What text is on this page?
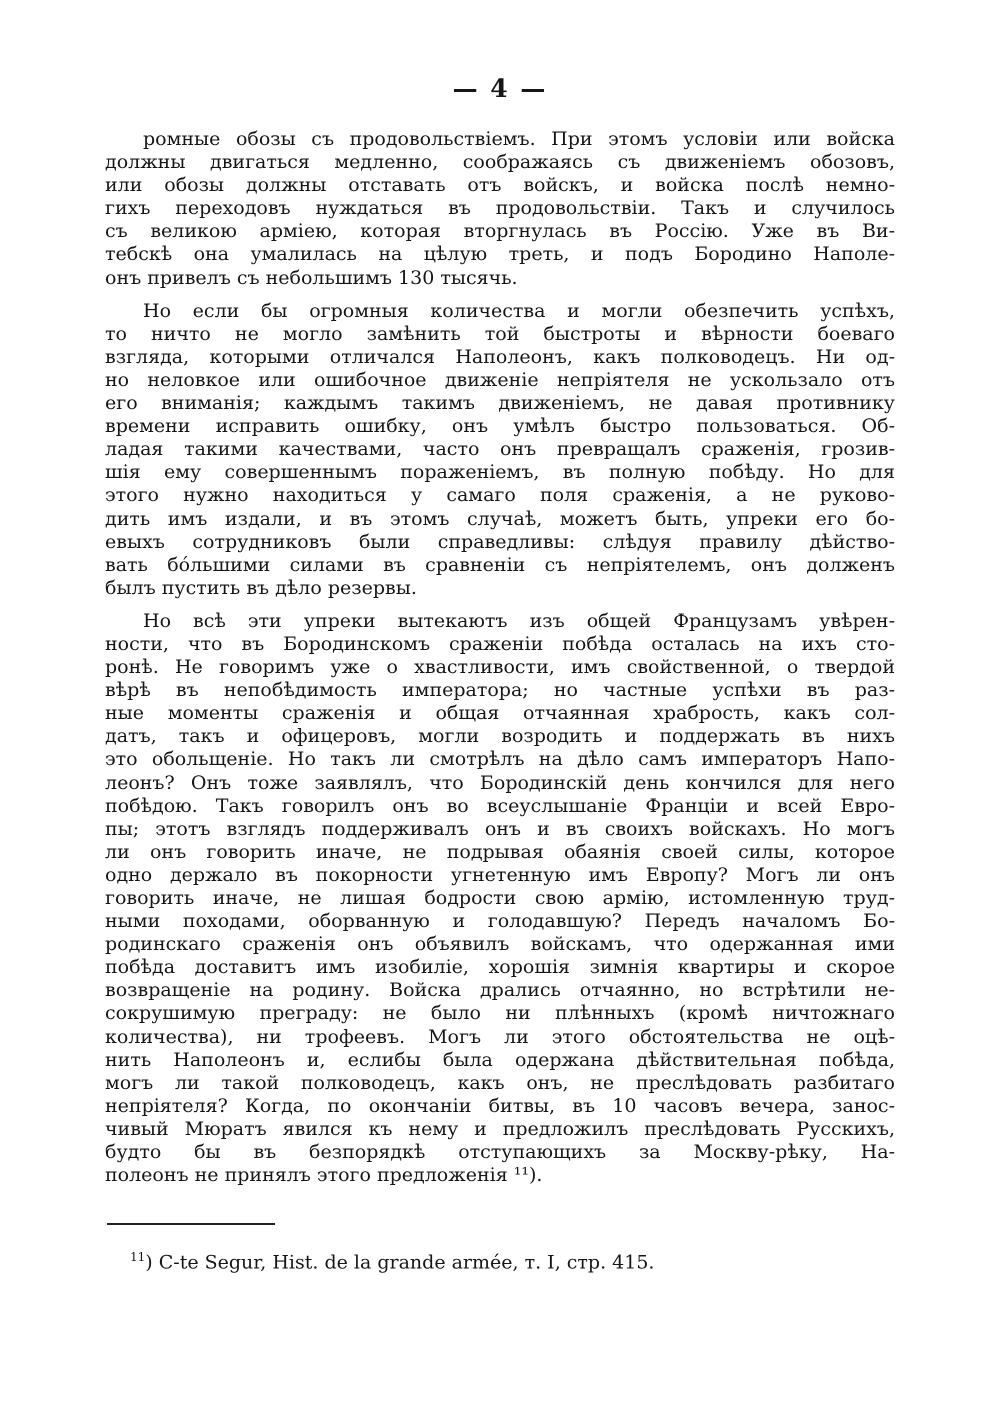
— 4 —
ромные обозы съ продовольствіемъ. При этомъ условіи или войска
должны двигаться медленно, соображаясь съ движеніемъ обозовъ,
или обозы должны отставать отъ войскъ, и войска послѣ немно-
гихъ переходовъ нуждаться въ продовольствіи. Такъ и случилось
съ великою арміею, которая вторгнулась въ Россію. Уже въ Ви-
тебскѣ она умалилась на цѣлую треть, и подъ Бородино Наполе-
онъ привелъ съ небольшимъ 130 тысячь.
Но если бы огромныя количества и могли обезпечить успѣхъ,
то ничто не могло замѣнить той быстроты и вѣрности боеваго
взгляда, которыми отличался Наполеонъ, какъ полководецъ. Ни од-
но неловкое или ошибочное движеніе непріятеля не ускользало отъ
его вниманія; каждымъ такимъ движеніемъ, не давая противнику
времени исправить ошибку, онъ умѣлъ быстро пользоваться. Об-
ладая такими качествами, часто онъ превращалъ сраженія, грозив-
шія ему совершеннымъ пораженіемъ, въ полную побѣду. Но для
этого нужно находиться у самаго поля сраженія, а не руково-
дить имъ издали, и въ этомъ случаѣ, можетъ быть, упреки его бо-
евыхъ сотрудниковъ были справедливы: слѣдуя правилу дѣйство-
вать бо́льшими силами въ сравненіи съ непріятелемъ, онъ долженъ
былъ пустить въ дѣло резервы.
Но всѣ эти упреки вытекаютъ изъ общей Французамъ увѣрен-
ности, что въ Бородинскомъ сраженіи побѣда осталась на ихъ сто-
ронѣ. Не говоримъ уже о хвастливости, имъ свойственной, о твердой
вѣрѣ въ непобѣдимость императора; но частные успѣхи въ раз-
ные моменты сраженія и общая отчаянная храбрость, какъ сол-
датъ, такъ и офицеровъ, могли возродить и поддержать въ нихъ
это обольщеніе. Но такъ ли смотрѣлъ на дѣло самъ императоръ Напо-
леонъ? Онъ тоже заявлялъ, что Бородинскій день кончился для него
побѣдою. Такъ говорилъ онъ во всеуслышаніе Франціи и всей Евро-
пы; этотъ взглядъ поддерживалъ онъ и въ своихъ войскахъ. Но могъ
ли онъ говорить иначе, не подрывая обаянія своей силы, которое
одно держало въ покорности угнетенную имъ Европу? Могъ ли онъ
говорить иначе, не лишая бодрости свою армію, истомленную труд-
ными походами, оборванную и голодавшую? Передъ началомъ Бо-
родинскаго сраженія онъ объявилъ войскамъ, что одержанная ими
побѣда доставитъ имъ изобиліе, хорошія зимнія квартиры и скорое
возвращеніе на родину. Войска дрались отчаянно, но встрѣтили не-
сокрушимую преграду: не было ни плѣнныхъ (кромѣ ничтожнаго
количества), ни трофеевъ. Могъ ли этого обстоятельства не оцѣ-
нить Наполеонъ и, еслибы была одержана дѣйствительная побѣда,
могъ ли такой полководецъ, какъ онъ, не преслѣдовать разбитаго
непріятеля? Когда, по окончаніи битвы, въ 10 часовъ вечера, занос-
чивый Мюратъ явился къ нему и предложилъ преслѣдовать Русскихъ,
будто бы въ безпорядкѣ отступающихъ за Москву-рѣку, На-
полеонъ не принялъ этого предложенія ¹¹).
$^{11}$) C-te Segur, Hist. de la grande armée, т. I, стр. 415.
